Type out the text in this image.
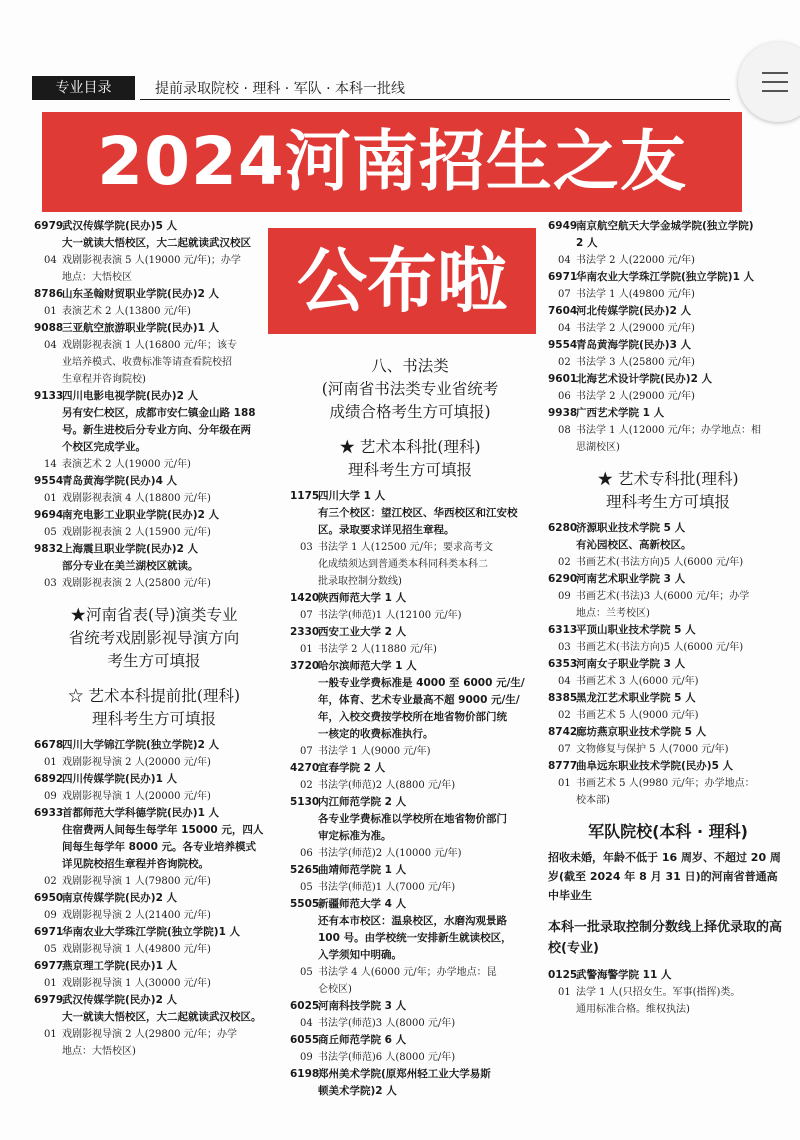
专业目录	提前录取院校 · 理科 · 军队 · 本科一批线
6979
武汉传媒学院(民办)5 人
大一就读大悟校区，大二起就读武汉校区
04 戏剧影视表演 5 人(19000 元/年)；办学
地点：大悟校区
8786
山东圣翰财贸职业学院(民办)2 人
01 表演艺术 2 人(13800 元/年)
9088
三亚航空旅游职业学院(民办)1 人
04 戏剧影视表演 1 人(16800 元/年；该专
业培养模式、收费标准等请查看院校招
生章程并咨询院校)
9133
四川电影电视学院(民办)2 人
另有安仁校区，成都市安仁镇金山路 188
号。新生进校后分专业方向、分年级在两
个校区完成学业。
14 表演艺术 2 人(19000 元/年)
9554
青岛黄海学院(民办)4 人
01 戏剧影视表演 4 人(18800 元/年)
9694
南充电影工业职业学院(民办)2 人
05 戏剧影视表演 2 人(15900 元/年)
9832
上海震旦职业学院(民办)2 人
部分专业在美兰湖校区就读。
03 戏剧影视表演 2 人(25800 元/年)
★河南省表(导)演类专业
省统考戏剧影视导演方向
考生方可填报
☆ 艺术本科提前批(理科)
理科考生方可填报
6678
四川大学锦江学院(独立学院)2 人
01 戏剧影视导演 2 人(20000 元/年)
6892
四川传媒学院(民办)1 人
09 戏剧影视导演 1 人(20000 元/年)
6933
首都师范大学科德学院(民办)1 人
住宿费两人间每生每学年 15000 元，四人
间每生每学年 8000 元。各专业培养模式
详见院校招生章程并咨询院校。
02 戏剧影视导演 1 人(79800 元/年)
6950
南京传媒学院(民办)2 人
09 戏剧影视导演 2 人(21400 元/年)
6971
华南农业大学珠江学院(独立学院)1 人
05 戏剧影视导演 1 人(49800 元/年)
6977
燕京理工学院(民办)1 人
01 戏剧影视导演 1 人(30000 元/年)
6979
武汉传媒学院(民办)2 人
大一就读大悟校区，大二起就读武汉校区。
01 戏剧影视导演 2 人(29800 元/年；办学
地点：大悟校区)
八、书法类
(河南省书法类专业省统考
成绩合格考生方可填报)
★ 艺术本科批(理科)
理科考生方可填报
1175
四川大学 1 人
有三个校区：望江校区、华西校区和江安校
区。录取要求详见招生章程。
03 书法学 1 人(12500 元/年；要求高考文
化成绩须达到普通类本科同科类本科二
批录取控制分数线)
1420
陕西师范大学 1 人
07 书法学(师范)1 人(12100 元/年)
2330
西安工业大学 2 人
01 书法学 2 人(11880 元/年)
3720
哈尔滨师范大学 1 人
一般专业学费标准是 4000 至 6000 元/生/
年，体育、艺术专业最高不超 9000 元/生/
年，入校交费按学校所在地省物价部门统
一核定的收费标准执行。
07 书法学 1 人(9000 元/年)
4270
宜春学院 2 人
02 书法学(师范)2 人(8800 元/年)
5130
内江师范学院 2 人
各专业学费标准以学校所在地省物价部门
审定标准为准。
06 书法学(师范)2 人(10000 元/年)
5265
曲靖师范学院 1 人
05 书法学(师范)1 人(7000 元/年)
5505
新疆师范大学 4 人
还有本市校区：温泉校区，水磨沟观景路
100 号。由学校统一安排新生就读校区，
入学须知中明确。
05 书法学 4 人(6000 元/年；办学地点：昆
仑校区)
6025
河南科技学院 3 人
04 书法学(师范)3 人(8000 元/年)
6055
商丘师范学院 6 人
09 书法学(师范)6 人(8000 元/年)
6198
郑州美术学院(原郑州轻工业大学易斯
顿美术学院)2 人
6949
南京航空航天大学金城学院(独立学院)
2 人
04 书法学 2 人(22000 元/年)
6971
华南农业大学珠江学院(独立学院)1 人
07 书法学 1 人(49800 元/年)
7604
河北传媒学院(民办)2 人
04 书法学 2 人(29000 元/年)
9554
青岛黄海学院(民办)3 人
02 书法学 3 人(25800 元/年)
9601
北海艺术设计学院(民办)2 人
06 书法学 2 人(29000 元/年)
9938
广西艺术学院 1 人
08 书法学 1 人(12000 元/年；办学地点：相
思湖校区)
★ 艺术专科批(理科)
理科考生方可填报
6280
济源职业技术学院 5 人
有沁园校区、高新校区。
02 书画艺术(书法方向)5 人(6000 元/年)
6290
河南艺术职业学院 3 人
09 书画艺术(书法)3 人(6000 元/年；办学
地点：兰考校区)
6313
平顶山职业技术学院 5 人
03 书画艺术(书法方向)5 人(6000 元/年)
6353
河南女子职业学院 3 人
04 书画艺术 3 人(6000 元/年)
8385
黑龙江艺术职业学院 5 人
02 书画艺术 5 人(9000 元/年)
8742
廊坊燕京职业技术学院 5 人
07 文物修复与保护 5 人(7000 元/年)
8777
曲阜远东职业技术学院(民办)5 人
01 书画艺术 5 人(9980 元/年；办学地点：
校本部)
军队院校(本科 · 理科)
招收未婚，年龄不低于 16 周岁、不超过 20 周岁(截至 2024 年 8 月 31 日)的河南省普通高中毕业生
本科一批录取控制分数线上择优录取的高校(专业)
0125
武警海警学院 11 人
01 法学 1 人(只招女生。军事(指挥)类。
通用标准合格。维权执法)
2024河南招生之友
公布啦
